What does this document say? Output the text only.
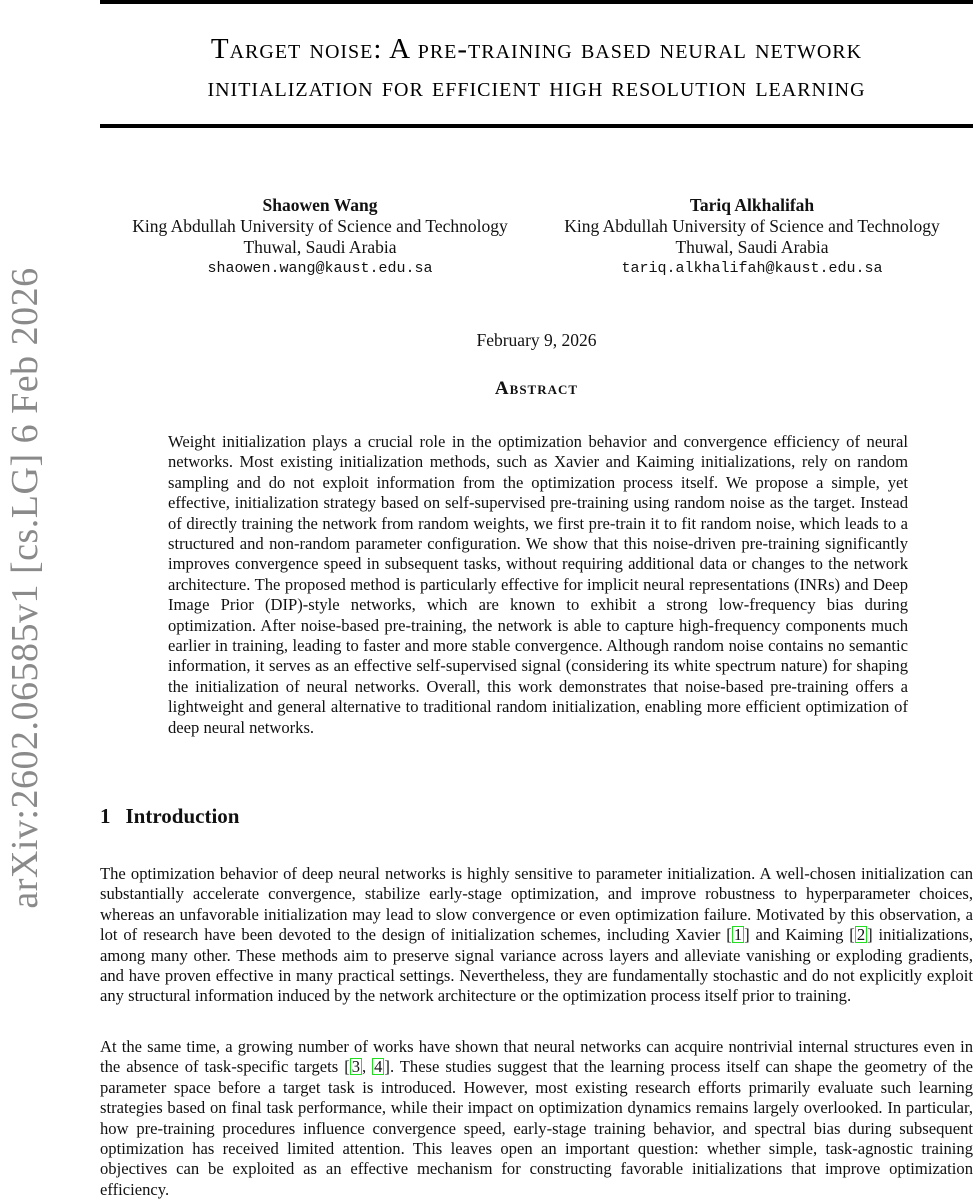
arXiv:2602.06585v1 [cs.LG] 6 Feb 2026
Target noise: A pre-training based neural network
initialization for efficient high resolution learning
Shaowen Wang
King Abdullah University of Science and Technology
Thuwal, Saudi Arabia
shaowen.wang@kaust.edu.sa
Tariq Alkhalifah
King Abdullah University of Science and Technology
Thuwal, Saudi Arabia
tariq.alkhalifah@kaust.edu.sa
February 9, 2026
Abstract
Weight initialization plays a crucial role in the optimization behavior and convergence efficiency of neural networks. Most existing initialization methods, such as Xavier and Kaiming initializations, rely on random sampling and do not exploit information from the optimization process itself. We propose a simple, yet effective, initialization strategy based on self-supervised pre-training using random noise as the target. Instead of directly training the network from random weights, we first pre-train it to fit random noise, which leads to a structured and non-random parameter configuration. We show that this noise-driven pre-training significantly improves convergence speed in subsequent tasks, without requiring additional data or changes to the network architecture. The proposed method is particularly effective for implicit neural representations (INRs) and Deep Image Prior (DIP)-style networks, which are known to exhibit a strong low-frequency bias during optimization. After noise-based pre-training, the network is able to capture high-frequency components much earlier in training, leading to faster and more stable convergence. Although random noise contains no semantic information, it serves as an effective self-supervised signal (considering its white spectrum nature) for shaping the initialization of neural networks. Overall, this work demonstrates that noise-based pre-training offers a lightweight and general alternative to traditional random initialization, enabling more efficient optimization of deep neural networks.
1 Introduction
The optimization behavior of deep neural networks is highly sensitive to parameter initialization. A well-chosen initialization can substantially accelerate convergence, stabilize early-stage optimization, and improve robustness to hyperparameter choices, whereas an unfavorable initialization may lead to slow convergence or even optimization failure. Motivated by this observation, a lot of research have been devoted to the design of initialization schemes, including Xavier [ 1 ] and Kaiming [ 2 ] initializations, among many other. These methods aim to preserve signal variance across layers and alleviate vanishing or exploding gradients, and have proven effective in many practical settings. Nevertheless, they are fundamentally stochastic and do not explicitly exploit any structural information induced by the network architecture or the optimization process itself prior to training.
At the same time, a growing number of works have shown that neural networks can acquire nontrivial internal structures even in the absence of task-specific targets [ 3 , 4 ]. These studies suggest that the learning process itself can shape the geometry of the parameter space before a target task is introduced. However, most existing research efforts primarily evaluate such learning strategies based on final task performance, while their impact on optimization dynamics remains largely overlooked. In particular, how pre-training procedures influence convergence speed, early-stage training behavior, and spectral bias during subsequent optimization has received limited attention. This leaves open an important question: whether simple, task-agnostic training objectives can be exploited as an effective mechanism for constructing favorable initializations that improve optimization efficiency.
